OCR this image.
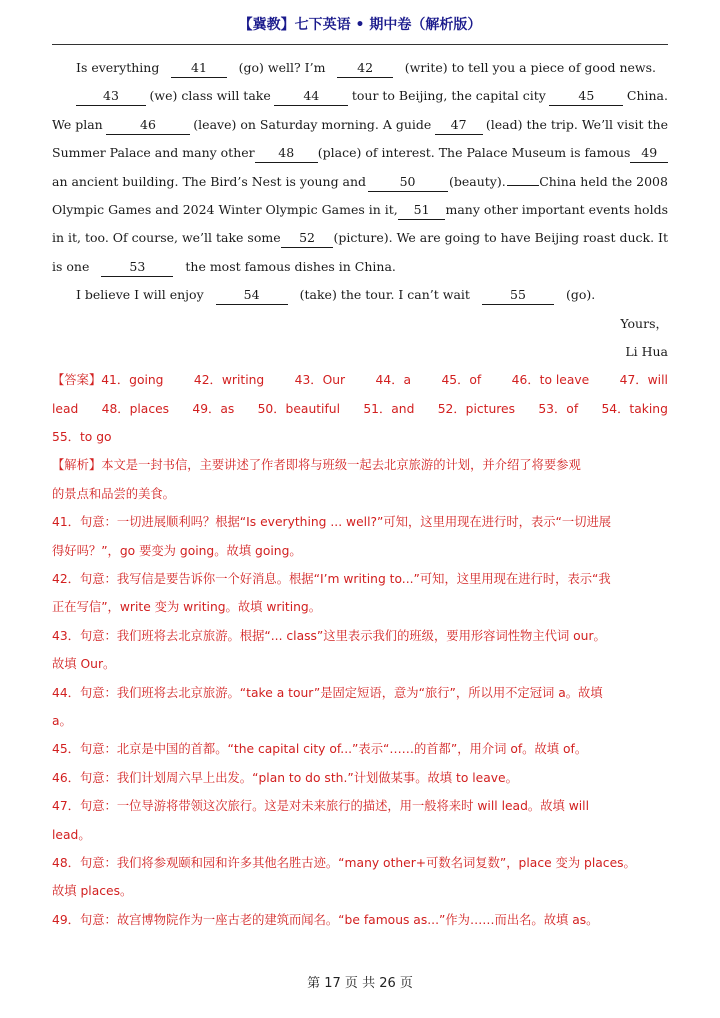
【冀教】七下英语 • 期中卷（解析版）
Is everything	41	(go) well? I’m	42	(write) to tell you a piece of good news.
43	(we) class will take	44	tour to Beijing, the capital city	45	China.
We plan	46	(leave) on Saturday morning. A guide	47	(lead) the trip. We’ll visit the
Summer Palace and many other	48	(place) of interest. The Palace Museum is famous 49
an ancient building. The Bird’s Nest is young and	50	(beauty).	China held the 2008
Olympic Games and 2024 Winter Olympic Games in it,	51	many other important events holds
in it, too. Of course, we’ll take some	52	(picture). We are going to have Beijing roast duck. It
is one	53	the most famous dishes in China.
I believe I will enjoy	54	(take) the tour. I can’t wait	55	(go).
Yours，
Li Hua
【答案】41．going 42．writing 43．Our 44．a 45．of 46．to leave 47．will
lead 48．places 49．as 50．beautiful 51．and 52．pictures 53．of 54．taking
55．to go
【解析】本文是一封书信，主要讲述了作者即将与班级一起去北京旅游的计划，并介绍了将要参观
的景点和品尝的美食。
41．句意：一切进展顺利吗？根据“Is everything ... well?”可知，这里用现在进行时，表示“一切进展
得好吗？”，go 要变为 going。故填 going。
42．句意：我写信是要告诉你一个好消息。根据“I’m writing to...”可知，这里用现在进行时，表示“我
正在写信”，write 变为 writing。故填 writing。
43．句意：我们班将去北京旅游。根据“... class”这里表示我们的班级，要用形容词性物主代词 our。
故填 Our。
44．句意：我们班将去北京旅游。“take a tour”是固定短语，意为“旅行”，所以用不定冠词 a。故填
a。
45．句意：北京是中国的首都。“the capital city of...”表示“……的首都”，用介词 of。故填 of。
46．句意：我们计划周六早上出发。“plan to do sth.”计划做某事。故填 to leave。
47．句意：一位导游将带领这次旅行。这是对未来旅行的描述，用一般将来时 will lead。故填 will
lead。
48．句意：我们将参观颐和园和许多其他名胜古迹。“many other+可数名词复数”，place 变为 places。
故填 places。
49．句意：故宫博物院作为一座古老的建筑而闻名。“be famous as...”作为……而出名。故填 as。
第 17 页 共 26 页
